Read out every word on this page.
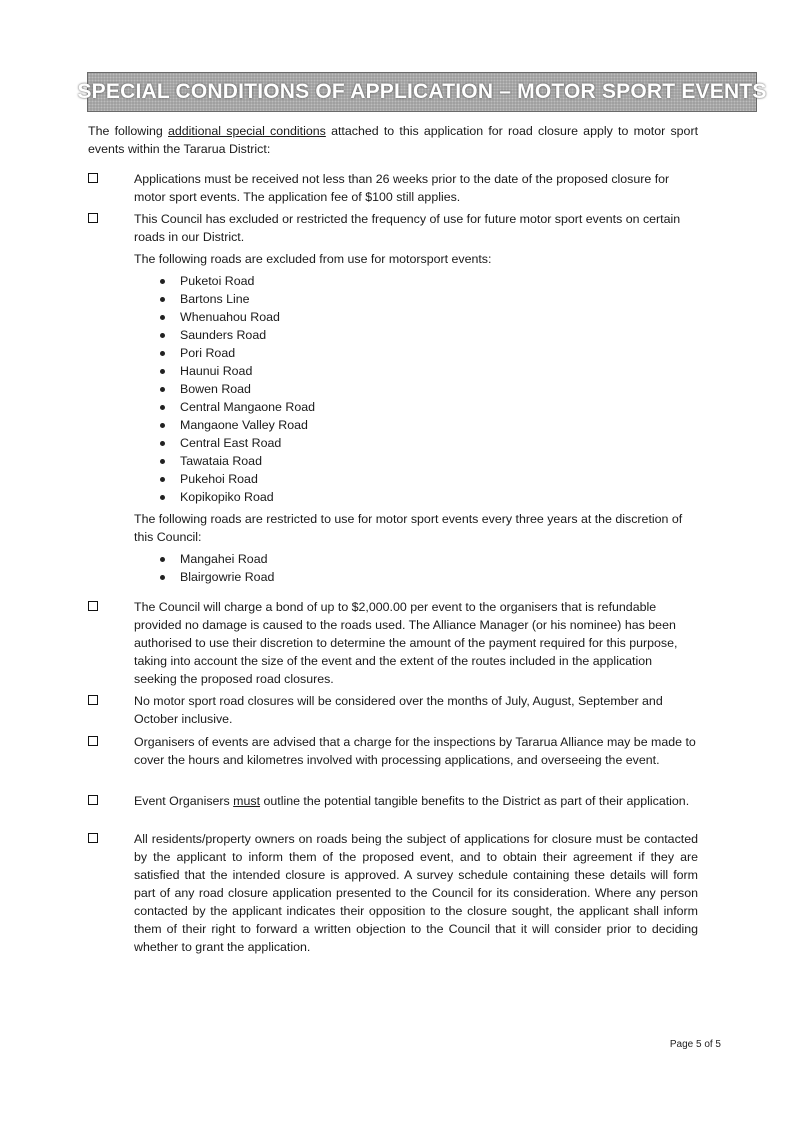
SPECIAL CONDITIONS OF APPLICATION – MOTOR SPORT EVENTS
The following additional special conditions attached to this application for road closure apply to motor sport events within the Tararua District:

Applications must be received not less than 26 weeks prior to the date of the proposed closure for motor sport events. The application fee of $100 still applies.

This Council has excluded or restricted the frequency of use for future motor sport events on certain roads in our District.

The following roads are excluded from use for motorsport events:

Puketoi Road
Bartons Line
Whenuahou Road
Saunders Road
Pori Road
Haunui Road
Bowen Road
Central Mangaone Road
Mangaone Valley Road
Central East Road
Tawataia Road
Pukehoi Road
Kopikopiko Road

The following roads are restricted to use for motor sport events every three years at the discretion of this Council:

Mangahei Road
Blairgowrie Road

The Council will charge a bond of up to $2,000.00 per event to the organisers that is refundable provided no damage is caused to the roads used. The Alliance Manager (or his nominee) has been authorised to use their discretion to determine the amount of the payment required for this purpose, taking into account the size of the event and the extent of the routes included in the application seeking the proposed road closures.

No motor sport road closures will be considered over the months of July, August, September and October inclusive.

Organisers of events are advised that a charge for the inspections by Tararua Alliance may be made to cover the hours and kilometres involved with processing applications, and overseeing the event.

Event Organisers must outline the potential tangible benefits to the District as part of their application.

All residents/property owners on roads being the subject of applications for closure must be contacted by the applicant to inform them of the proposed event, and to obtain their agreement if they are satisfied that the intended closure is approved. A survey schedule containing these details will form part of any road closure application presented to the Council for its consideration. Where any person contacted by the applicant indicates their opposition to the closure sought, the applicant shall inform them of their right to forward a written objection to the Council that it will consider prior to deciding whether to grant the application.

Page 5 of 5
